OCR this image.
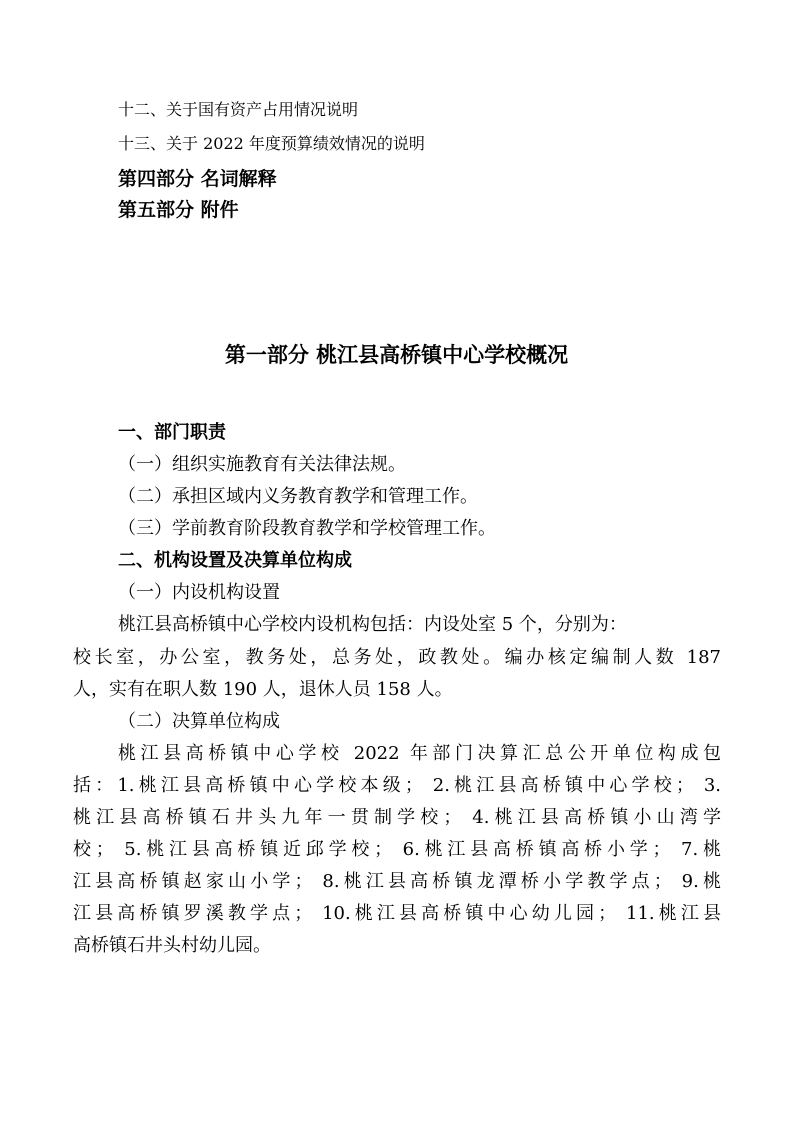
十二、关于国有资产占用情况说明
十三、关于 2022 年度预算绩效情况的说明
第四部分 名词解释
第五部分 附件
第一部分 桃江县高桥镇中心学校概况
一、部门职责
（一）组织实施教育有关法律法规。
（二）承担区域内义务教育教学和管理工作。
（三）学前教育阶段教育教学和学校管理工作。
二、机构设置及决算单位构成
（一）内设机构设置
桃江县高桥镇中心学校内设机构包括：内设处室 5 个，分别为：
校长室，办公室，教务处，总务处，政教处。编办核定编制人数 187
人，实有在职人数 190 人，退休人员 158 人。
（二）决算单位构成
桃江县高桥镇中心学校 2022 年部门决算汇总公开单位构成包
括：1.桃江县高桥镇中心学校本级； 2.桃江县高桥镇中心学校； 3.
桃江县高桥镇石井头九年一贯制学校； 4.桃江县高桥镇小山湾学
校； 5.桃江县高桥镇近邱学校； 6.桃江县高桥镇高桥小学； 7.桃
江县高桥镇赵家山小学； 8.桃江县高桥镇龙潭桥小学教学点； 9.桃
江县高桥镇罗溪教学点； 10.桃江县高桥镇中心幼儿园； 11.桃江县
高桥镇石井头村幼儿园。
